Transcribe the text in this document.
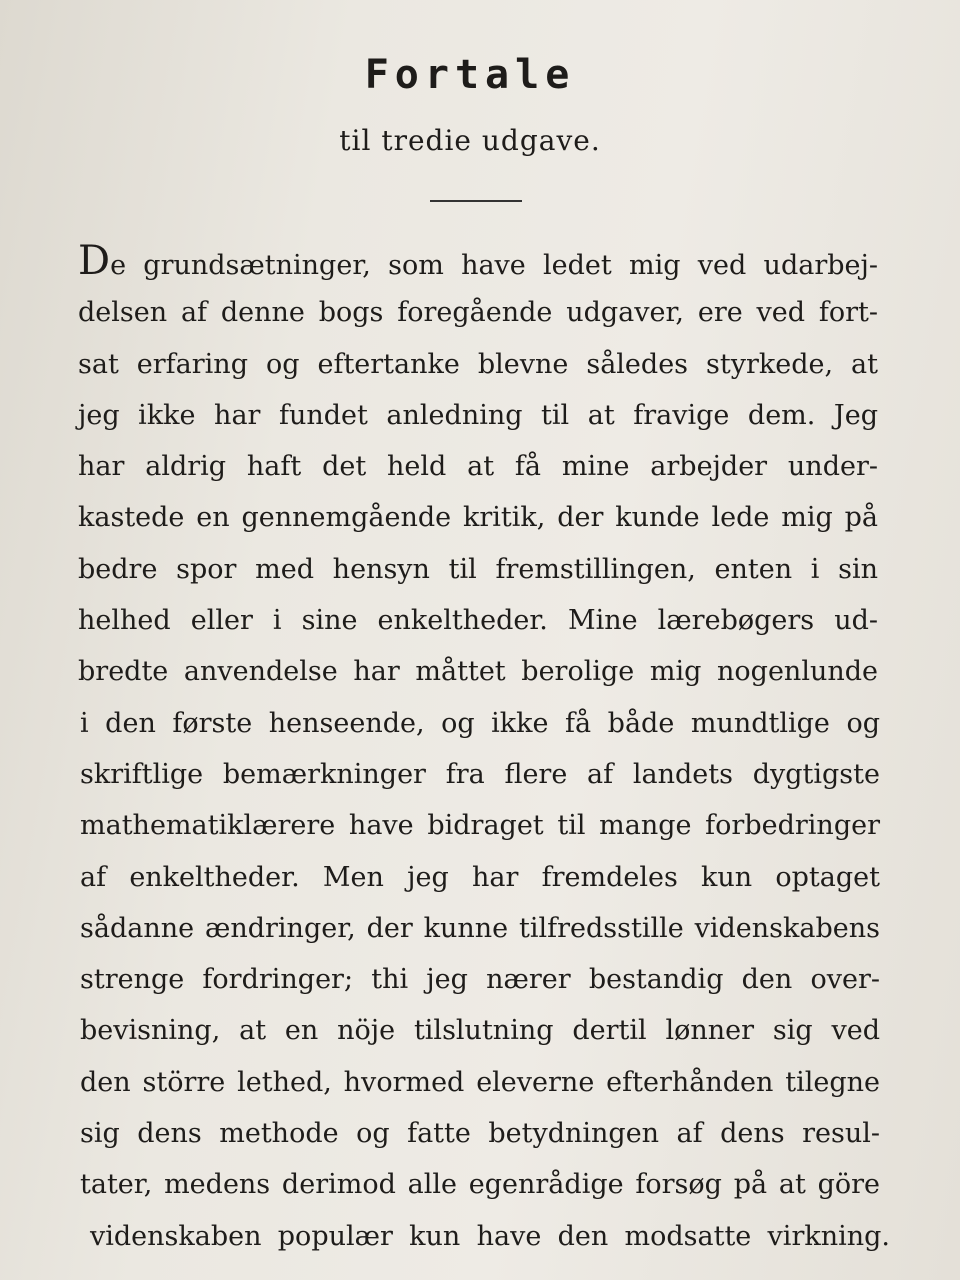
Fortale
til tredie udgave.
De grundsætninger, som have ledet mig ved udarbej-
delsen af denne bogs foregående udgaver, ere ved fort-
sat erfaring og eftertanke blevne således styrkede, at
jeg ikke har fundet anledning til at fravige dem. Jeg
har aldrig haft det held at få mine arbejder under-
kastede en gennemgående kritik, der kunde lede mig på
bedre spor med hensyn til fremstillingen, enten i sin
helhed eller i sine enkeltheder. Mine lærebøgers ud-
bredte anvendelse har måttet berolige mig nogenlunde
i den første henseende, og ikke få både mundtlige og
skriftlige bemærkninger fra flere af landets dygtigste
mathematiklærere have bidraget til mange forbedringer
af enkeltheder. Men jeg har fremdeles kun optaget
sådanne ændringer, der kunne tilfredsstille videnskabens
strenge fordringer; thi jeg nærer bestandig den over-
bevisning, at en nöje tilslutning dertil lønner sig ved
den större lethed, hvormed eleverne efterhånden tilegne
sig dens methode og fatte betydningen af dens resul-
tater, medens derimod alle egenrådige forsøg på at göre
videnskaben populær kun have den modsatte virkning.
